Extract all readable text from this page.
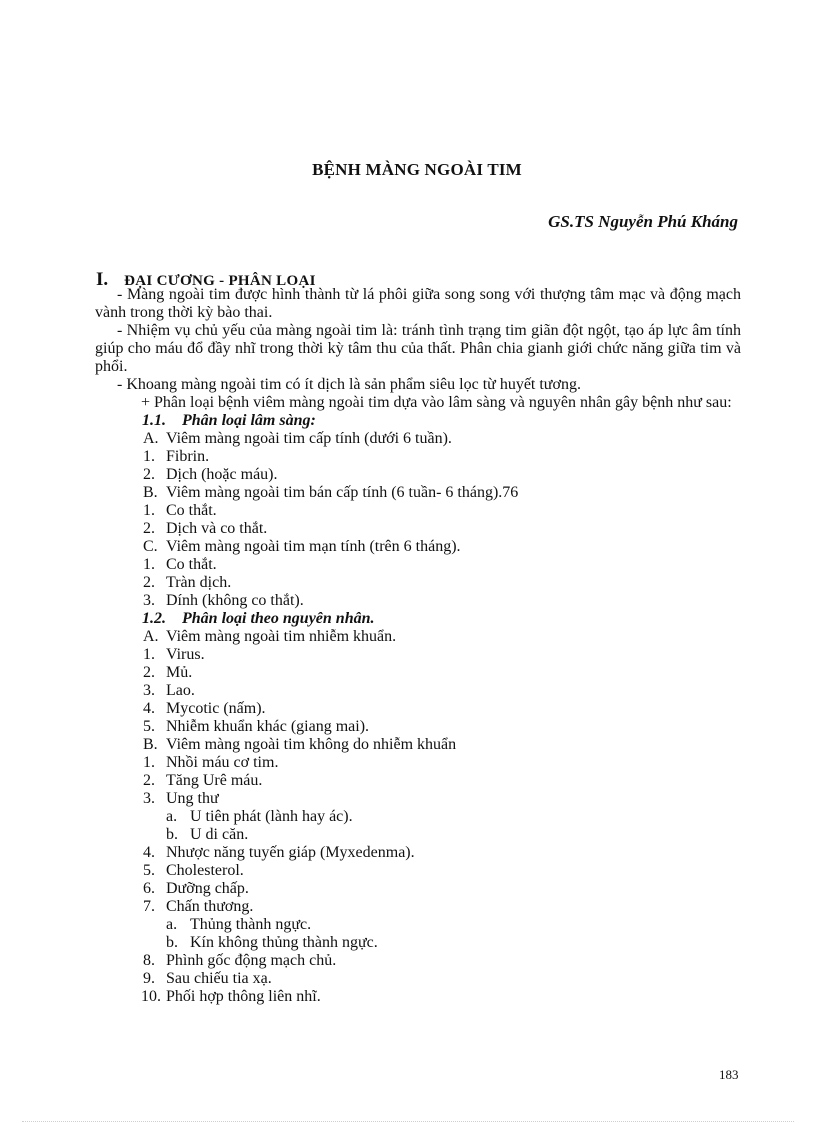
BỆNH MÀNG NGOÀI TIM
GS.TS Nguyễn Phú Kháng
I. ĐẠI CƯƠNG - PHÂN LOẠI
- Màng ngoài tim được hình thành từ lá phôi giữa song song với thượng tâm mạc và động mạch vành trong thời kỳ bào thai.
- Nhiệm vụ chủ yếu của màng ngoài tim là: tránh tình trạng tim giãn đột ngột, tạo áp lực âm tính giúp cho máu đổ đầy nhĩ trong thời kỳ tâm thu của thất. Phân chia gianh giới chức năng giữa tim và phổi.
- Khoang màng ngoài tim có ít dịch là sản phẩm siêu lọc từ huyết tương.
+ Phân loại bệnh viêm màng ngoài tim dựa vào lâm sàng và nguyên nhân gây bệnh như sau:
1.1. Phân loại lâm sàng:
A. Viêm màng ngoài tim cấp tính (dưới 6 tuần).
1. Fibrin.
2. Dịch (hoặc máu).
B. Viêm màng ngoài tim bán cấp tính (6 tuần- 6 tháng).76
1. Co thắt.
2. Dịch và co thắt.
C. Viêm màng ngoài tim mạn tính (trên 6 tháng).
1. Co thắt.
2. Tràn dịch.
3. Dính (không co thắt).
1.2. Phân loại theo nguyên nhân.
A. Viêm màng ngoài tim nhiễm khuẩn.
1. Virus.
2. Mủ.
3. Lao.
4. Mycotic (nấm).
5. Nhiễm khuẩn khác (giang mai).
B. Viêm màng ngoài tim không do nhiễm khuẩn
1. Nhồi máu cơ tim.
2. Tăng Urê máu.
3. Ung thư
a. U tiên phát (lành hay ác).
b. U di căn.
4. Nhược năng tuyến giáp (Myxedenma).
5. Cholesterol.
6. Dưỡng chấp.
7. Chấn thương.
a. Thủng thành ngực.
b. Kín không thủng thành ngực.
8. Phình gốc động mạch chủ.
9. Sau chiếu tia xạ.
10. Phối hợp thông liên nhĩ.
183
